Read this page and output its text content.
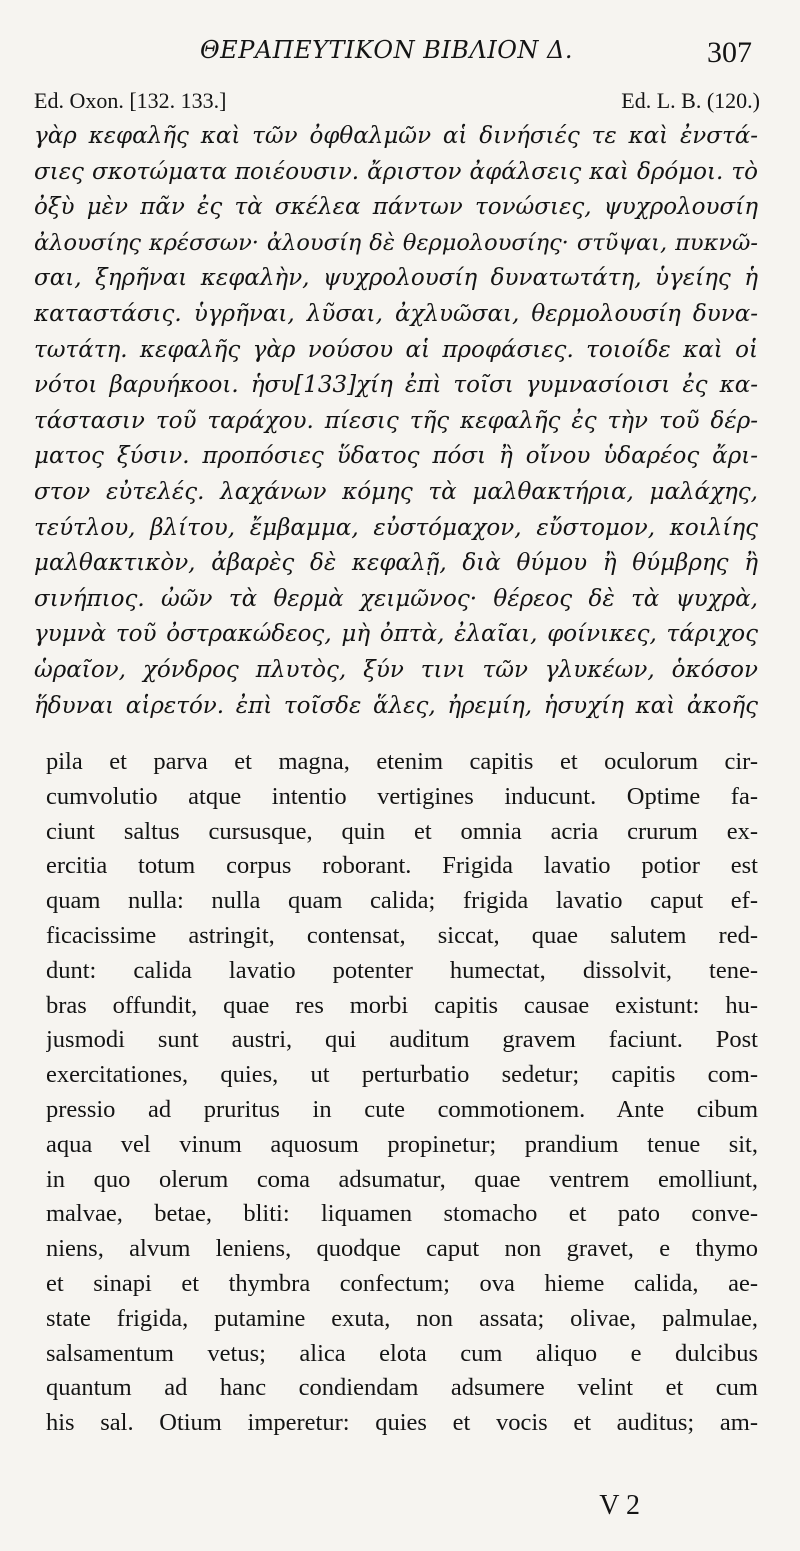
ΘΕΡΑΠΕΥΤΙΚΟΝ ΒΙΒΛΙΟΝ Δ.	307
Ed. Oxon. [132. 133.]	Ed. L. B. (120.)
γὰρ κεφαλῆς καὶ τῶν ὀφθαλμῶν αἱ δινήσιές τε καὶ ἐνστά-
σιες σκοτώματα ποιέουσιν. ἄριστον ἀφάλσεις καὶ δρόμοι. τὸ
ὀξὺ μὲν πᾶν ἐς τὰ σκέλεα πάντων τονώσιες, ψυχρολουσίη
ἀλουσίης κρέσσων· ἀλουσίη δὲ θερμολουσίης· στῦψαι, πυκνῶ-
σαι, ξηρῆναι κεφαλὴν, ψυχρολουσίη δυνατωτάτη, ὑγείης ἡ
καταστάσις. ὑγρῆναι, λῦσαι, ἀχλυῶσαι, θερμολουσίη δυνα-
τωτάτη. κεφαλῆς γὰρ νούσου αἱ προφάσιες. τοιοίδε καὶ οἱ
νότοι βαρυήκοοι. ἡσυ[133]χίη ἐπὶ τοῖσι γυμνασίοισι ἐς κα-
τάστασιν τοῦ ταράχου. πίεσις τῆς κεφαλῆς ἐς τὴν τοῦ δέρ-
ματος ξύσιν. προπόσιες ὕδατος πόσι ἢ οἴνου ὑδαρέος ἄρι-
στον εὐτελές. λαχάνων κόμης τὰ μαλθακτήρια, μαλάχης,
τεύτλου, βλίτου, ἔμβαμμα, εὐστόμαχον, εὔστομον, κοιλίης
μαλθακτικὸν, ἀβαρὲς δὲ κεφαλῇ, διὰ θύμου ἢ θύμβρης ἢ
σινήπιος. ὠῶν τὰ θερμὰ χειμῶνος· θέρεος δὲ τὰ ψυχρὰ,
γυμνὰ τοῦ ὀστρακώδεος, μὴ ὀπτὰ, ἐλαῖαι, φοίνικες, τάριχος
ὡραῖον, χόνδρος πλυτὸς, ξύν τινι τῶν γλυκέων, ὁκόσον
ἥδυναι αἱρετόν. ἐπὶ τοῖσδε ἅλες, ἠρεμίη, ἡσυχίη καὶ ἀκοῆς
pila et parva et magna, etenim capitis et oculorum cir-
cumvolutio atque intentio vertigines inducunt. Optime fa-
ciunt saltus cursusque, quin et omnia acria crurum ex-
ercitia totum corpus roborant. Frigida lavatio potior est
quam nulla: nulla quam calida; frigida lavatio caput ef-
ficacissime astringit, contensat, siccat, quae salutem red-
dunt: calida lavatio potenter humectat, dissolvit, tene-
bras offundit, quae res morbi capitis causae existunt: hu-
jusmodi sunt austri, qui auditum gravem faciunt. Post
exercitationes, quies, ut perturbatio sedetur; capitis com-
pressio ad pruritus in cute commotionem. Ante cibum
aqua vel vinum aquosum propinetur; prandium tenue sit,
in quo olerum coma adsumatur, quae ventrem emolliunt,
malvae, betae, bliti: liquamen stomacho et pato conve-
niens, alvum leniens, quodque caput non gravet, e thymo
et sinapi et thymbra confectum; ova hieme calida, ae-
state frigida, putamine exuta, non assata; olivae, palmulae,
salsamentum vetus; alica elota cum aliquo e dulcibus
quantum ad hanc condiendam adsumere velint et cum
his sal. Otium imperetur: quies et vocis et auditus; am-
V 2
